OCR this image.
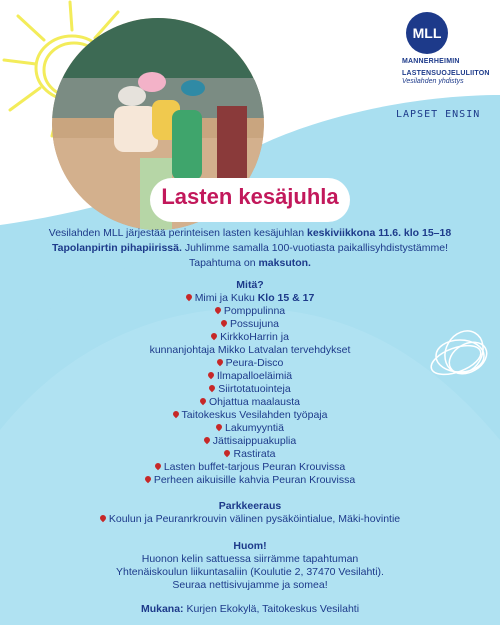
MLL
MANNERHEIMIN
LASTENSUOJELULIITON
Vesilahden yhdistys
LAPSET ENSIN
Lasten kesäjuhla
Vesilahden MLL järjestää perinteisen lasten kesäjuhlan keskiviikkona 11.6. klo 15–18
Tapolanpirtin pihapiirissä. Juhlimme samalla 100-vuotiasta paikallisyhdistystämme!
Tapahtuma on maksuton.
Mitä?
Mimi ja Kuku Klo 15 & 17
Pomppulinna
Possujuna
KirkkoHarrin ja
kunnanjohtaja Mikko Latvalan tervehdykset
Peura-Disco
Ilmapalloeläimiä
Siirtotatuointeja
Ohjattua maalausta
Taitokeskus Vesilahden työpaja
Lakumyyntiä
Jättisaippuakuplia
Rastirata
Lasten buffet-tarjous Peuran Krouvissa
Perheen aikuisille kahvia Peuran Krouvissa
Parkkeeraus
Koulun ja Peuranrkrouvin välinen pysäköintialue, Mäki-hovintie
Huom!
Huonon kelin sattuessa siirrämme tapahtuman
Yhtenäiskoulun liikuntasaliin (Koulutie 2, 37470 Vesilahti).
Seuraa nettisivujamme ja somea!
Mukana: Kurjen Ekokylä, Taitokeskus Vesilahti
